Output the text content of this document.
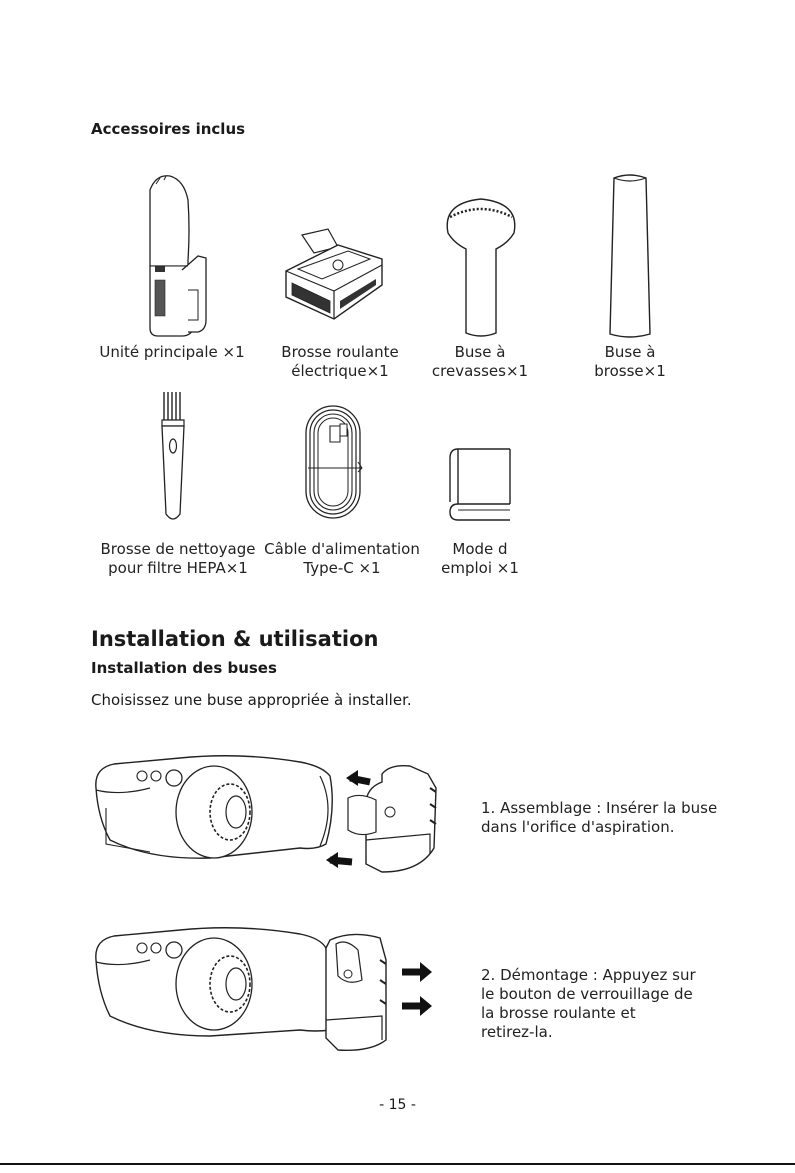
Accessoires inclus
Unité principale ×1	Brosse roulante
électrique×1
Buse à
crevasses×1
Buse à
brosse×1
Brosse de nettoyage
pour filtre HEPA×1
Câble d'alimentation
Type-C ×1
Mode d
emploi ×1
Installation & utilisation
Installation des buses
Choisissez une buse appropriée à installer.
1. Assemblage : Insérer la buse
dans l'orifice d'aspiration.
2. Démontage : Appuyez sur
le bouton de verrouillage de
la brosse roulante et
retirez-la.
- 15 -
